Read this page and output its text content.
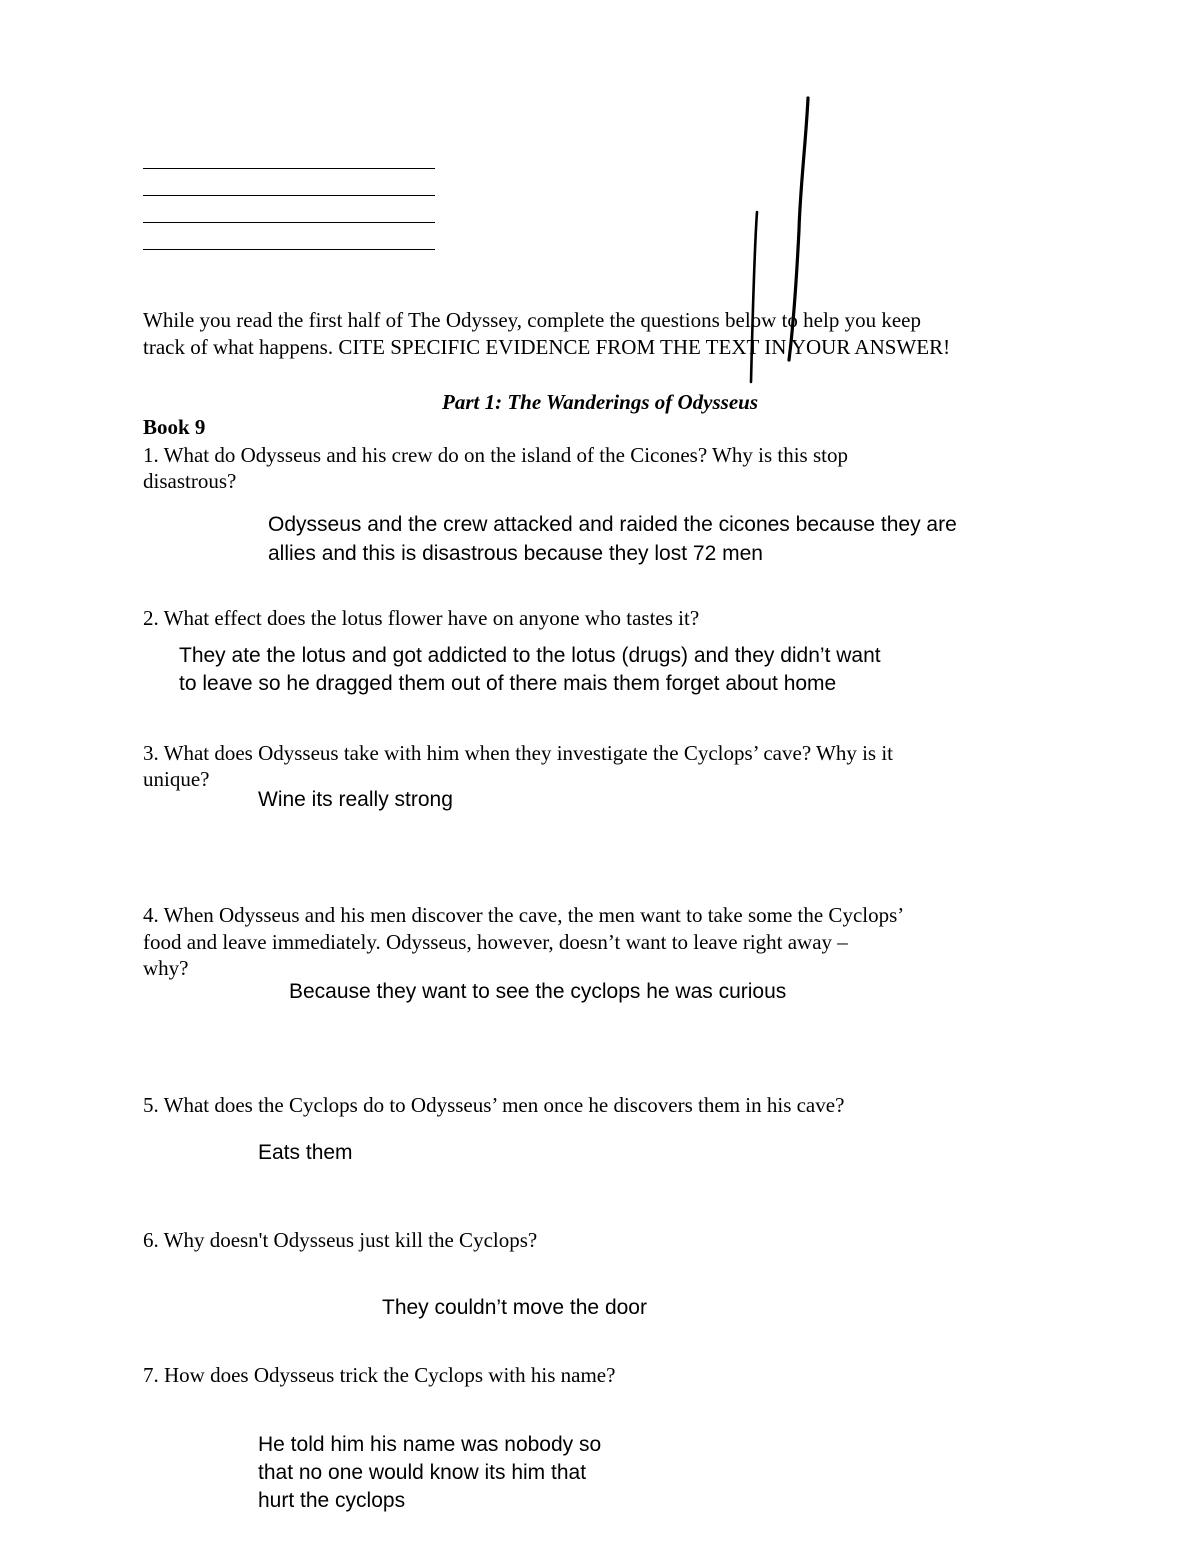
While you read the first half of The Odyssey, complete the questions below to help you keep
track of what happens. CITE SPECIFIC EVIDENCE FROM THE TEXT IN YOUR ANSWER!
Part 1: The Wanderings of Odysseus
Book 9
1. What do Odysseus and his crew do on the island of the Cicones? Why is this stop
disastrous?
Odysseus and the crew attacked and raided the cicones because they are
allies and this is disastrous because they lost 72 men
2. What effect does the lotus flower have on anyone who tastes it?
They ate the lotus and got addicted to the lotus (drugs) and they didn’t want
to leave so he dragged them out of there mais them forget about home
3. What does Odysseus take with him when they investigate the Cyclops’ cave? Why is it
unique?
Wine its really strong
4. When Odysseus and his men discover the cave, the men want to take some the Cyclops’
food and leave immediately. Odysseus, however, doesn’t want to leave right away –
why?
Because they want to see the cyclops he was curious
5. What does the Cyclops do to Odysseus’ men once he discovers them in his cave?
Eats them
6. Why doesn't Odysseus just kill the Cyclops?
They couldn’t move the door
7. How does Odysseus trick the Cyclops with his name?
He told him his name was nobody so
that no one would know its him that
hurt the cyclops
